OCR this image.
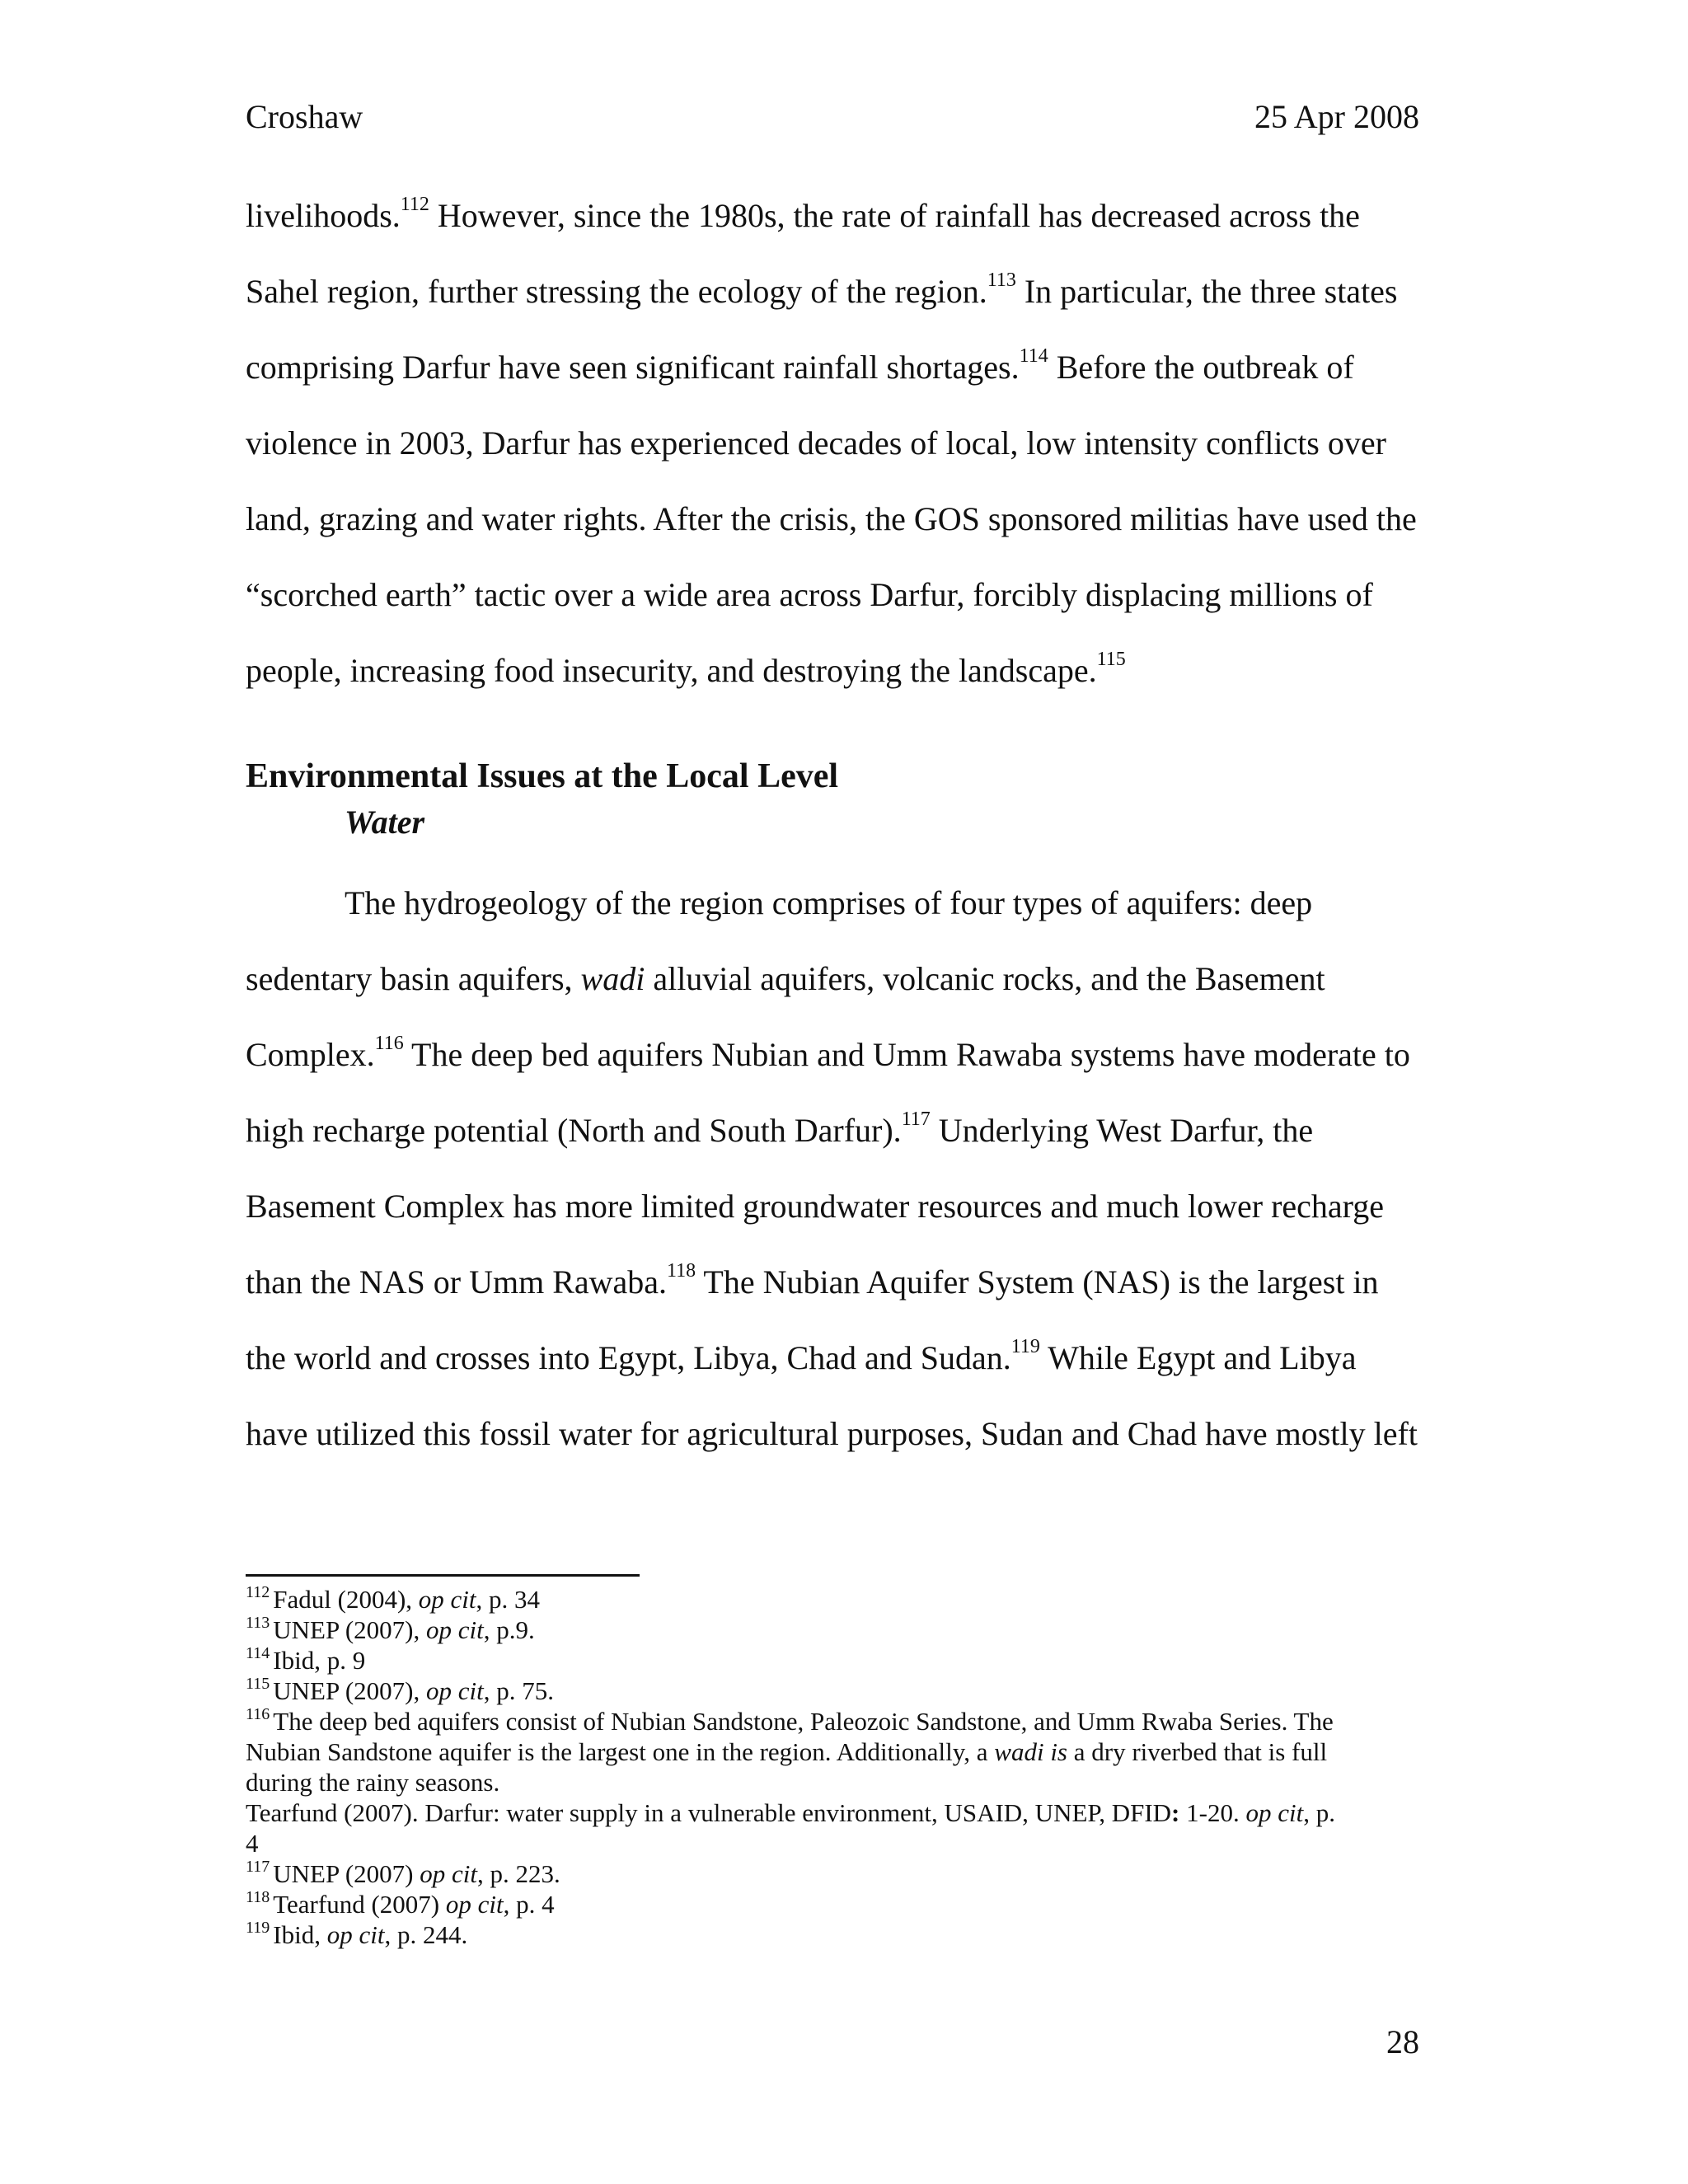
Croshaw	25 Apr 2008
livelihoods.$^{112}$ However, since the 1980s, the rate of rainfall has decreased across the
Sahel region, further stressing the ecology of the region.$^{113}$ In particular, the three states
comprising Darfur have seen significant rainfall shortages.$^{114}$ Before the outbreak of
violence in 2003, Darfur has experienced decades of local, low intensity conflicts over
land, grazing and water rights. After the crisis, the GOS sponsored militias have used the
“scorched earth” tactic over a wide area across Darfur, forcibly displacing millions of
people, increasing food insecurity, and destroying the landscape.$^{115}$
Environmental Issues at the Local Level
Water
The hydrogeology of the region comprises of four types of aquifers: deep
sedentary basin aquifers, wadi alluvial aquifers, volcanic rocks, and the Basement
Complex.$^{116}$ The deep bed aquifers Nubian and Umm Rawaba systems have moderate to
high recharge potential (North and South Darfur).$^{117}$ Underlying West Darfur, the
Basement Complex has more limited groundwater resources and much lower recharge
than the NAS or Umm Rawaba.$^{118}$ The Nubian Aquifer System (NAS) is the largest in
the world and crosses into Egypt, Libya, Chad and Sudan.$^{119}$ While Egypt and Libya
have utilized this fossil water for agricultural purposes, Sudan and Chad have mostly left
$^{112}$ Fadul (2004), op cit, p. 34
$^{113}$ UNEP (2007), op cit, p.9.
$^{114}$ Ibid, p. 9
$^{115}$ UNEP (2007), op cit, p. 75.
$^{116}$ The deep bed aquifers consist of Nubian Sandstone, Paleozoic Sandstone, and Umm Rwaba Series. The
Nubian Sandstone aquifer is the largest one in the region. Additionally, a wadi is a dry riverbed that is full
during the rainy seasons.
Tearfund (2007). Darfur: water supply in a vulnerable environment, USAID, UNEP, DFID: 1-20. op cit, p.
4
$^{117}$ UNEP (2007) op cit, p. 223.
$^{118}$ Tearfund (2007) op cit, p. 4
$^{119}$ Ibid, op cit, p. 244.
28
